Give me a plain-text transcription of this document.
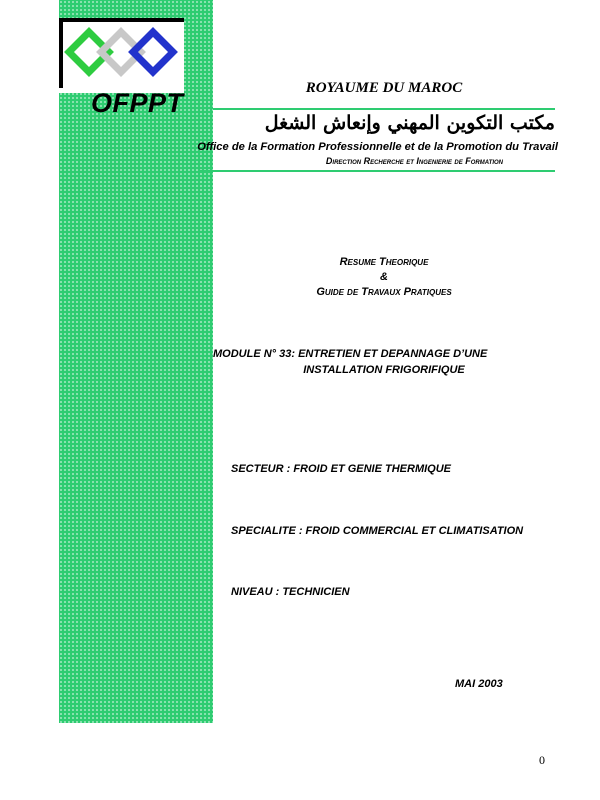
OFPPT	ROYAUME DU MAROC
مكتب التكوين المهني وإنعاش الشغل
Office de la Formation Professionnelle et de la Promotion du Travail
Direction Recherche et Ingenierie de Formation
Resume Theorique
&
Guide de Travaux Pratiques
MODULE N° 33: ENTRETIEN ET DEPANNAGE D’UNE
INSTALLATION FRIGORIFIQUE
SECTEUR : FROID ET GENIE THERMIQUE
SPECIALITE : FROID COMMERCIAL ET CLIMATISATION
NIVEAU : TECHNICIEN
MAI 2003
0
